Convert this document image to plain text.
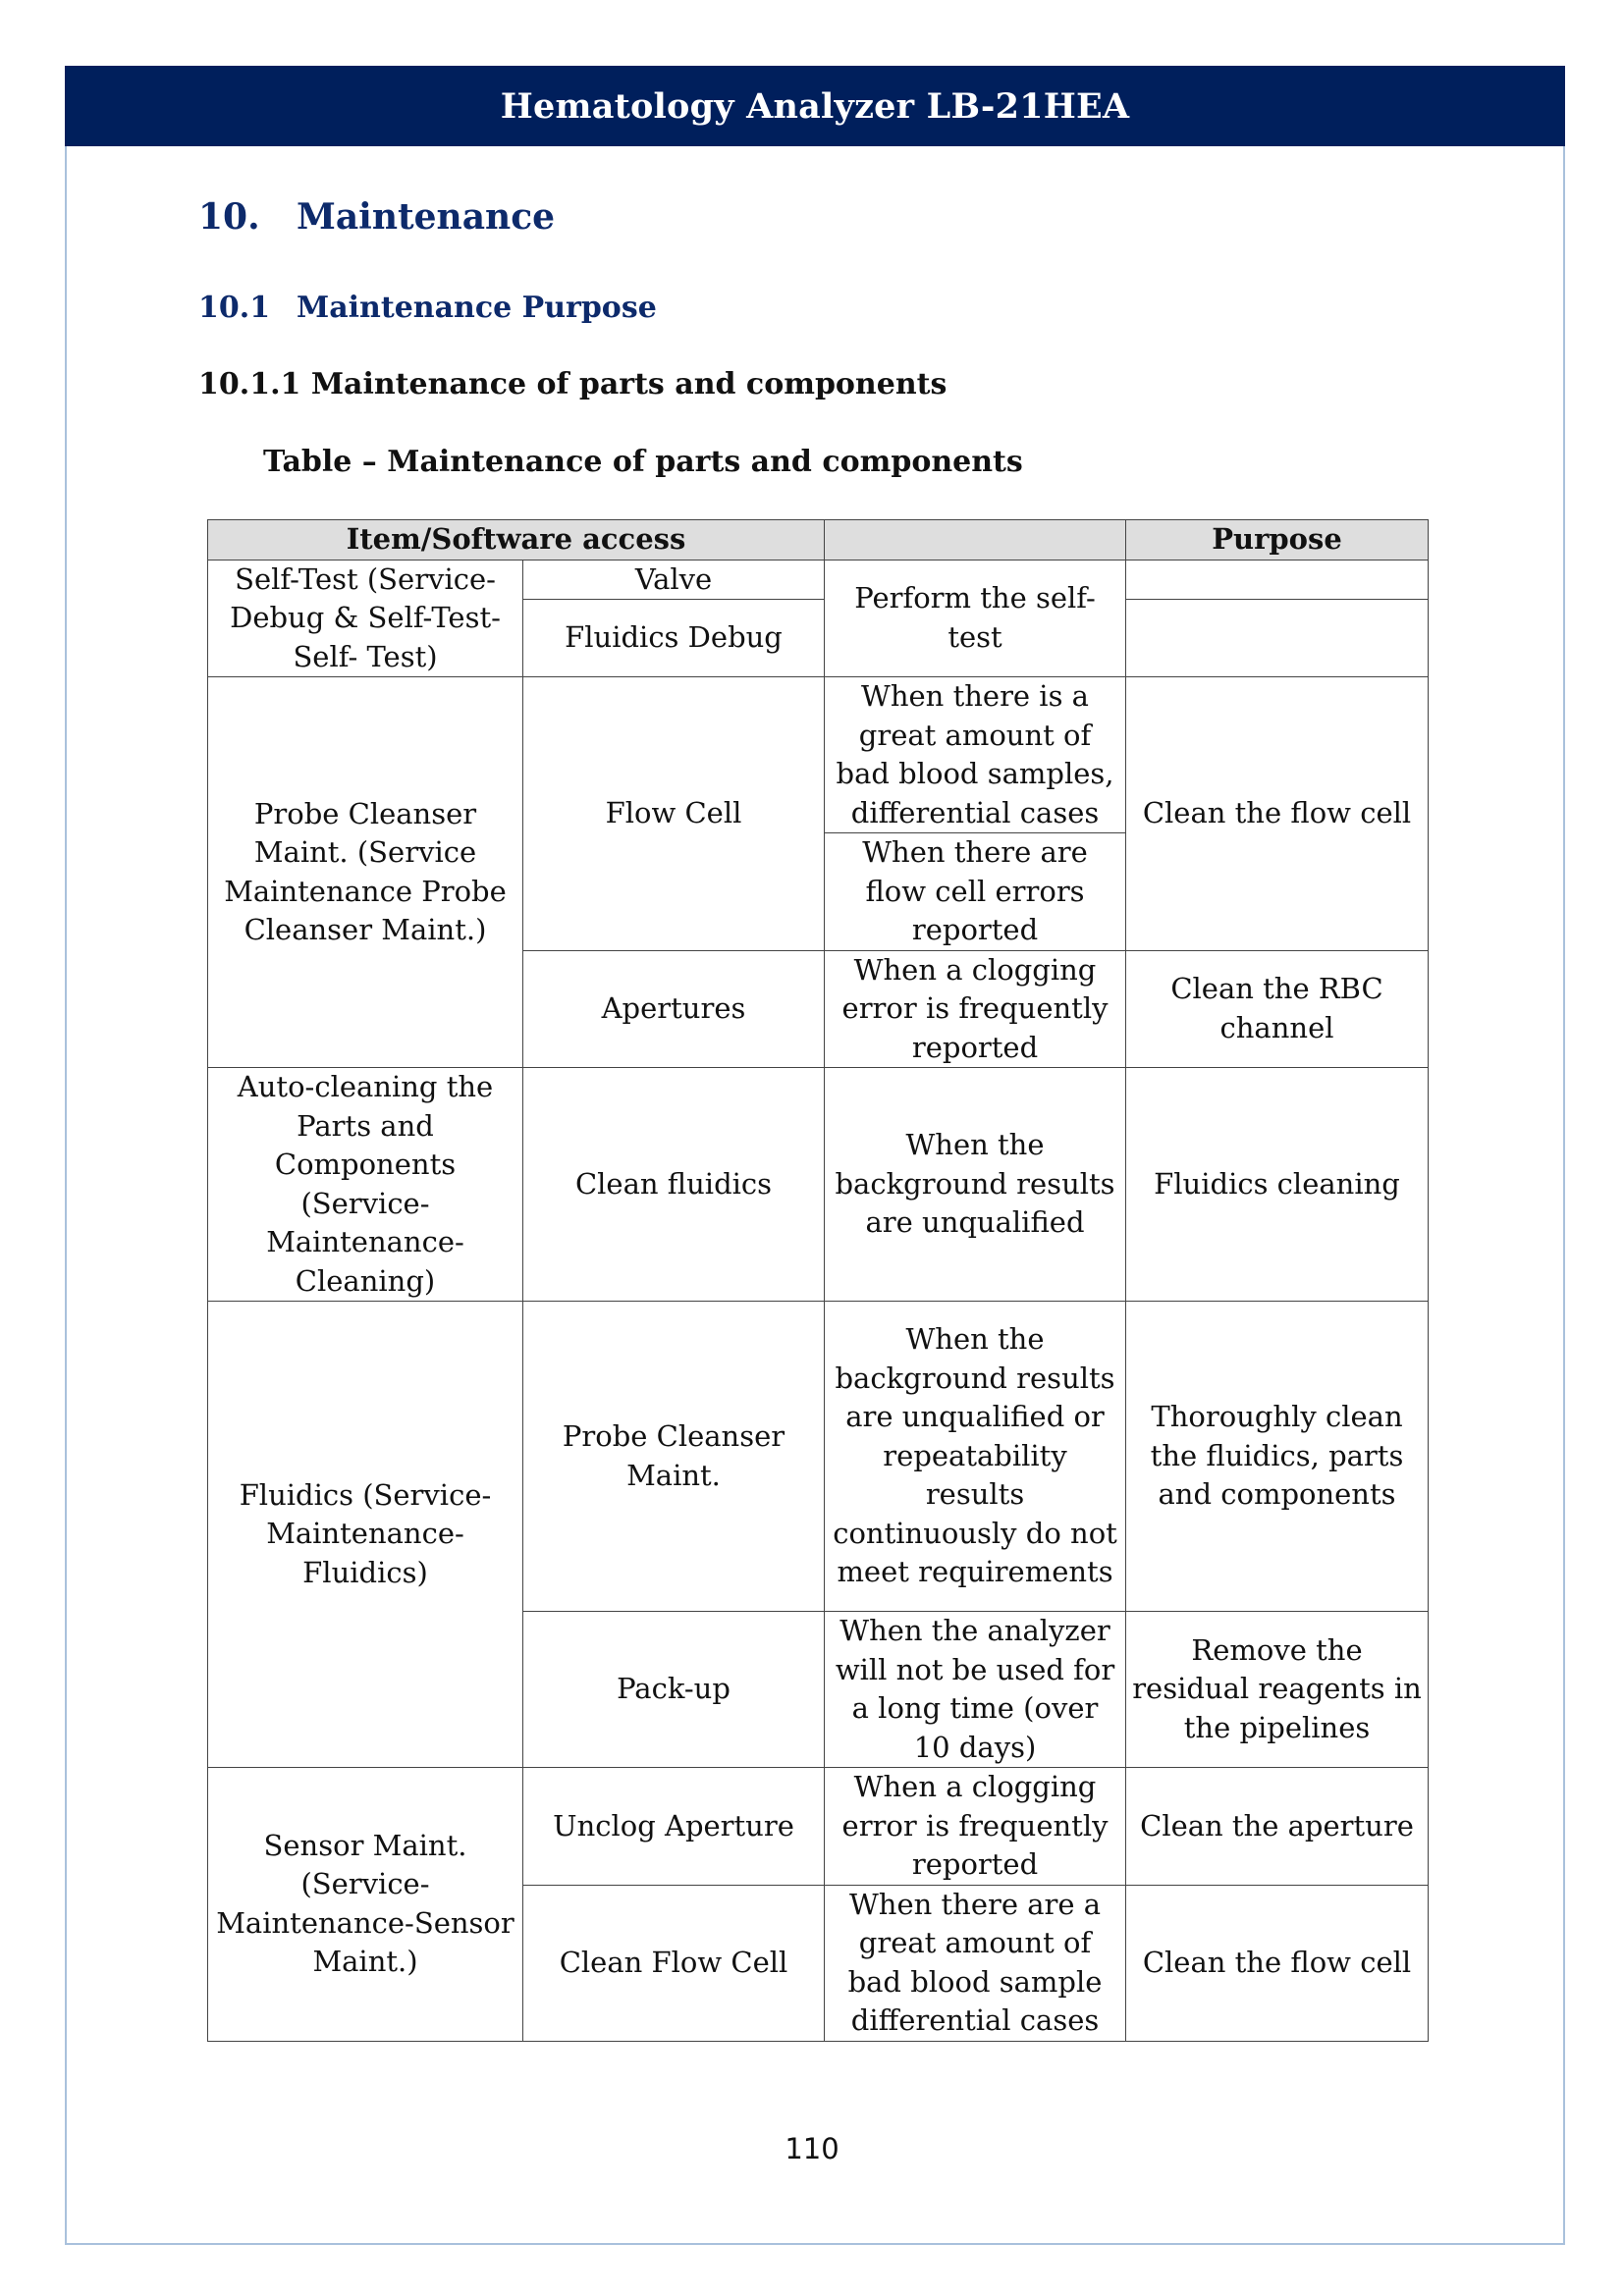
Hematology Analyzer LB-21HEA
10. Maintenance
10.1 Maintenance Purpose
10.1.1 Maintenance of parts and components
Table – Maintenance of parts and components
Item/Software access			Purpose
Self-Test (Service-Debug & Self-Test-Self- Test)	Valve	Perform the self-test	
	Fluidics Debug		
Probe Cleanser Maint. (Service Maintenance Probe Cleanser Maint.)	Flow Cell	When there is a great amount of bad blood samples, differential cases	Clean the flow cell
		When there are flow cell errors reported	
	Apertures	When a clogging error is frequently reported	Clean the RBC channel
Auto-cleaning the Parts and Components (Service-Maintenance-Cleaning)	Clean fluidics	When the background results are unqualified	Fluidics cleaning
Fluidics (Service-Maintenance-Fluidics)	Probe Cleanser Maint.	When the background results are unqualified or repeatability results continuously do not meet requirements	Thoroughly clean the fluidics, parts and components
	Pack-up	When the analyzer will not be used for a long time (over 10 days)	Remove the residual reagents in the pipelines
Sensor Maint. (Service-Maintenance-Sensor Maint.)	Unclog Aperture	When a clogging error is frequently reported	Clean the aperture
	Clean Flow Cell	When there are a great amount of bad blood sample differential cases	Clean the flow cell
110
